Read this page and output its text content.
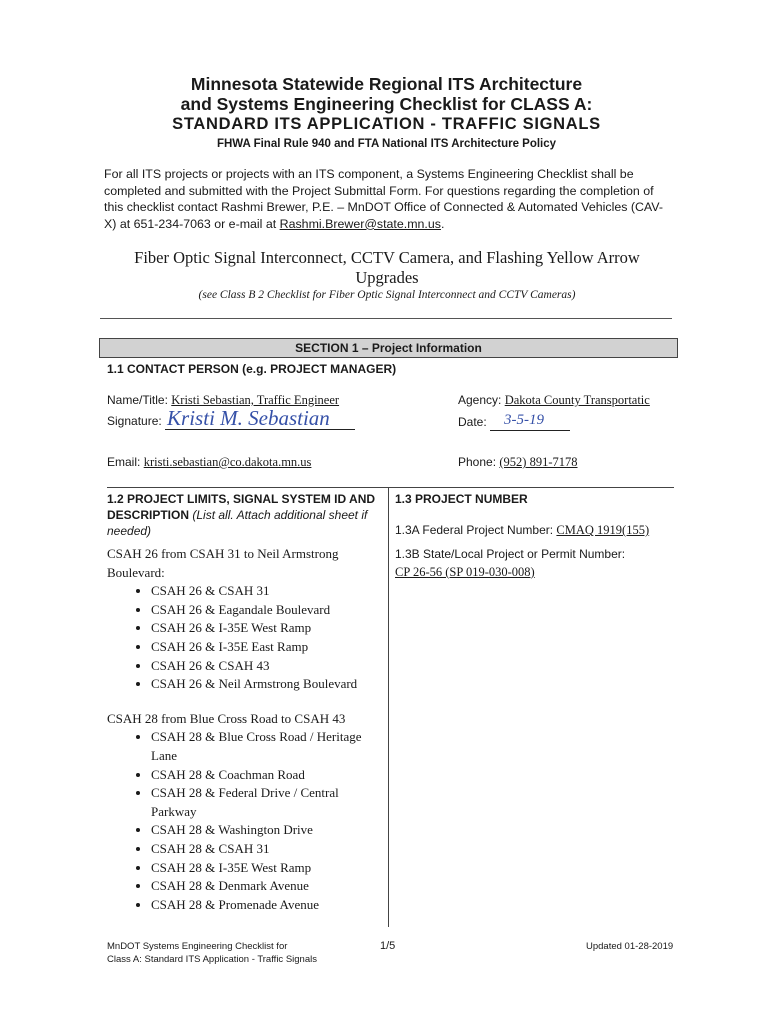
Minnesota Statewide Regional ITS Architecture
and Systems Engineering Checklist for CLASS A:
STANDARD ITS APPLICATION - TRAFFIC SIGNALS
FHWA Final Rule 940 and FTA National ITS Architecture Policy
For all ITS projects or projects with an ITS component, a Systems Engineering Checklist shall be completed and submitted with the Project Submittal Form. For questions regarding the completion of this checklist contact Rashmi Brewer, P.E. – MnDOT Office of Connected & Automated Vehicles (CAV-X) at 651-234-7063 or e-mail at Rashmi.Brewer@state.mn.us.
Fiber Optic Signal Interconnect, CCTV Camera, and Flashing Yellow Arrow Upgrades
(see Class B 2 Checklist for Fiber Optic Signal Interconnect and CCTV Cameras)
SECTION 1 – Project Information
1.1 CONTACT PERSON (e.g. PROJECT MANAGER)
Name/Title: Kristi Sebastian, Traffic Engineer	Agency: Dakota County Transportatic
Signature: Kristi M. Sebastian	Date: 3-5-19
Email: kristi.sebastian@co.dakota.mn.us	Phone: (952) 891-7178
1.2 PROJECT LIMITS, SIGNAL SYSTEM ID AND DESCRIPTION (List all. Attach additional sheet if needed)
CSAH 26 from CSAH 31 to Neil Armstrong Boulevard:
• CSAH 26 & CSAH 31
• CSAH 26 & Eagandale Boulevard
• CSAH 26 & I-35E West Ramp
• CSAH 26 & I-35E East Ramp
• CSAH 26 & CSAH 43
• CSAH 26 & Neil Armstrong Boulevard
CSAH 28 from Blue Cross Road to CSAH 43
• CSAH 28 & Blue Cross Road / Heritage Lane
• CSAH 28 & Coachman Road
• CSAH 28 & Federal Drive / Central Parkway
• CSAH 28 & Washington Drive
• CSAH 28 & CSAH 31
• CSAH 28 & I-35E West Ramp
• CSAH 28 & Denmark Avenue
• CSAH 28 & Promenade Avenue
1.3 PROJECT NUMBER
1.3A Federal Project Number: CMAQ 1919(155)
1.3B State/Local Project or Permit Number:
CP 26-56 (SP 019-030-008)
MnDOT Systems Engineering Checklist for
Class A: Standard ITS Application - Traffic Signals
1/5	Updated 01-28-2019
